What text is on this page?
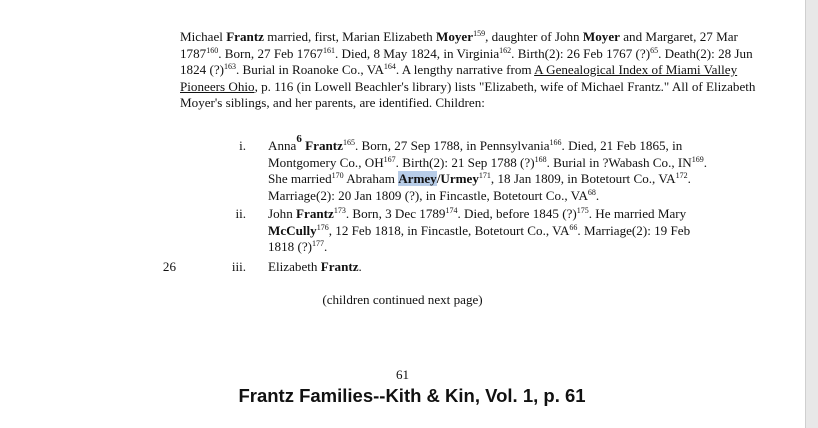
Michael Frantz married, first, Marian Elizabeth Moyer$^{159}$, daughter of John Moyer and Margaret, 27 Mar 1787$^{160}$. Born, 27 Feb 1767$^{161}$. Died, 8 May 1824, in Virginia$^{162}$. Birth(2): 26 Feb 1767 (?)$^{65}$. Death(2): 28 Jun 1824 (?)$^{163}$. Burial in Roanoke Co., VA$^{164}$. A lengthy narrative from A Genealogical Index of Miami Valley Pioneers Ohio, p. 116 (in Lowell Beachler's library) lists "Elizabeth, wife of Michael Frantz." All of Elizabeth Moyer's siblings, and her parents, are identified. Children:
i. Anna$^6$ Frantz$^{165}$. Born, 27 Sep 1788, in Pennsylvania$^{166}$. Died, 21 Feb 1865, in Montgomery Co., OH$^{167}$. Birth(2): 21 Sep 1788 (?)$^{168}$. Burial in ?Wabash Co., IN$^{169}$. She married$^{170}$ Abraham Armey/Urmey$^{171}$, 18 Jan 1809, in Botetourt Co., VA$^{172}$. Marriage(2): 20 Jan 1809 (?), in Fincastle, Botetourt Co., VA$^{68}$.
ii. John Frantz$^{173}$. Born, 3 Dec 1789$^{174}$. Died, before 1845 (?)$^{175}$. He married Mary McCully$^{176}$, 12 Feb 1818, in Fincastle, Botetourt Co., VA$^{66}$. Marriage(2): 19 Feb 1818 (?)$^{177}$.
26	iii. Elizabeth Frantz.
(children continued next page)
61
Frantz Families--Kith & Kin, Vol. 1, p. 61
